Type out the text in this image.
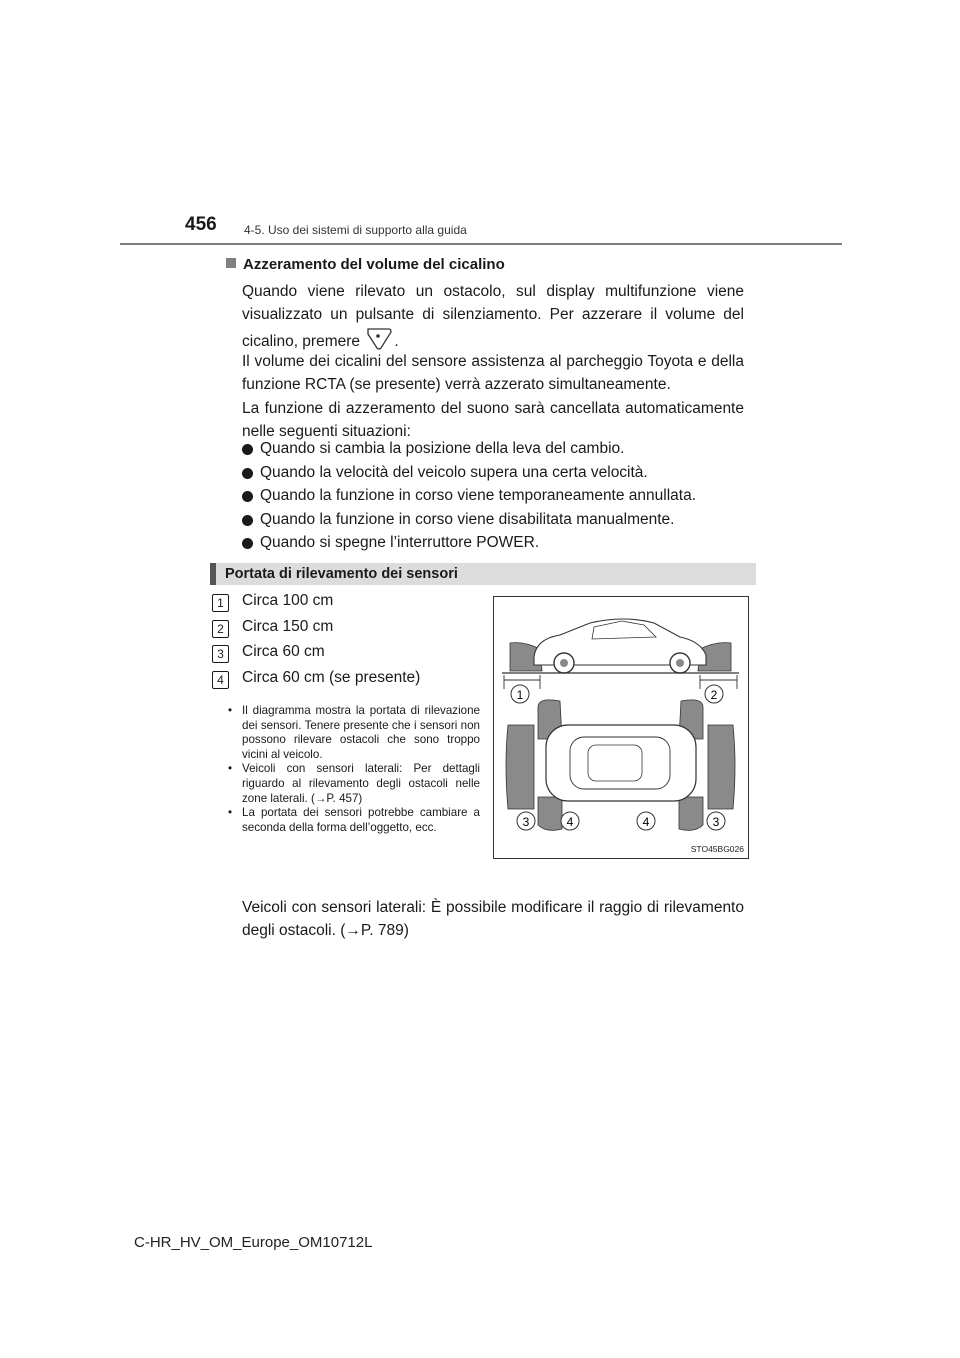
456 4-5. Uso dei sistemi di supporto alla guida
Azzeramento del volume del cicalino
Quando viene rilevato un ostacolo, sul display multifunzione viene visualizzato un pulsante di silenziamento. Per azzerare il volume del cicalino, premere .
Il volume dei cicalini del sensore assistenza al parcheggio Toyota e della funzione RCTA (se presente) verrà azzerato simultaneamente.
La funzione di azzeramento del suono sarà cancellata automaticamente nelle seguenti situazioni:
Quando si cambia la posizione della leva del cambio.
Quando la velocità del veicolo supera una certa velocità.
Quando la funzione in corso viene temporaneamente annullata.
Quando la funzione in corso viene disabilitata manualmente.
Quando si spegne l’interruttore POWER.
Portata di rilevamento dei sensori
1	Circa 100 cm
2	Circa 150 cm
3	Circa 60 cm
4	Circa 60 cm (se presente)
• Il diagramma mostra la portata di rilevazione dei sensori. Tenere presente che i sensori non possono rilevare ostacoli che sono troppo vicini al veicolo.
• Veicoli con sensori laterali: Per dettagli riguardo al rilevamento degli ostacoli nelle zone laterali. (→P. 457)
• La portata dei sensori potrebbe cambiare a seconda della forma dell’oggetto, ecc.
1	2
3	4	4	3
STO45BG026
Veicoli con sensori laterali: È possibile modificare il raggio di rilevamento degli ostacoli. (→P. 789)
C-HR_HV_OM_Europe_OM10712L
